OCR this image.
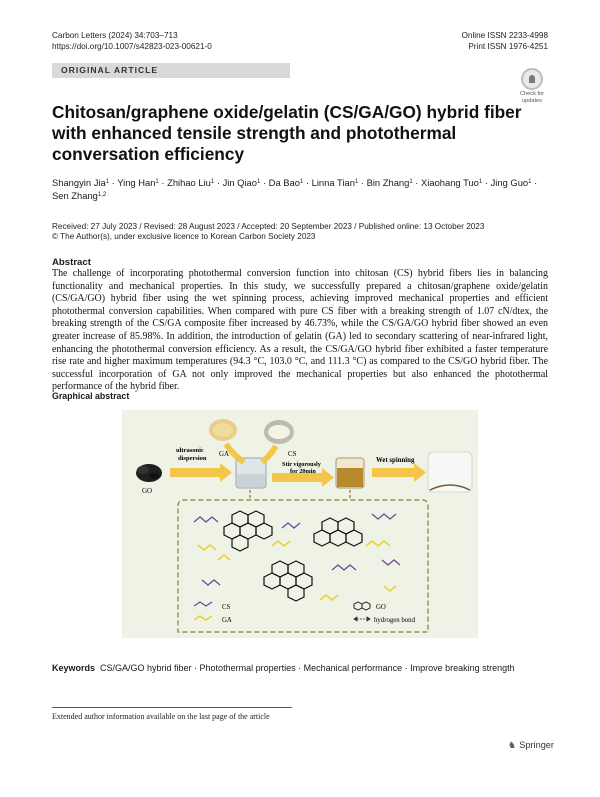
Carbon Letters (2024) 34:703–713
https://doi.org/10.1007/s42823-023-00621-0
Online ISSN 2233-4998
Print ISSN 1976-4251
ORIGINAL ARTICLE
Check for
updates
Chitosan/graphene oxide/gelatin (CS/GA/GO) hybrid fiber with enhanced tensile strength and photothermal conversation efficiency
Shangyin Jia$^1$ · Ying Han$^1$ · Zhihao Liu$^1$ · Jin Qiao$^1$ · Da Bao$^1$ · Linna Tian$^1$ · Bin Zhang$^1$ · Xiaohang Tuo$^1$ · Jing Guo$^1$ ·
Sen Zhang$^{1,2}$
Received: 27 July 2023 / Revised: 28 August 2023 / Accepted: 20 September 2023 / Published online: 13 October 2023
© The Author(s), under exclusive licence to Korean Carbon Society 2023
Abstract

The challenge of incorporating photothermal conversion function into chitosan (CS) hybrid fibers lies in balancing functionality and mechanical properties. In this study, we successfully prepared a chitosan/graphene oxide/gelatin (CS/GA/GO) hybrid fiber using the wet spinning process, achieving improved mechanical properties and efficient photothermal conversion capabilities. When compared with pure CS fiber with a breaking strength of 1.07 cN/dtex, the breaking strength of the CS/GA composite fiber increased by 46.73%, while the CS/GA/GO hybrid fiber showed an even greater increase of 85.98%. In addition, the introduction of gelatin (GA) led to secondary scattering of near-infrared light, enhancing the photothermal conversion efficiency. As a result, the CS/GA/GO hybrid fiber exhibited a faster temperature rise rate and higher maximum temperatures (94.3 °C, 103.0 °C, and 111.3 °C) as compared to the CS/GO hybrid fiber. The successful incorporation of GA not only improved the mechanical properties but also enhanced the photothermal performance of the hybrid fiber.

Graphical abstract
GA	CS
GO
ultrasonic
dispersion
Stir vigorously
for 20min
Wet spinning
CS
GA
GO
hydrogen bond
Keywords CS/GA/GO hybrid fiber · Photothermal properties · Mechanical performance · Improve breaking strength
Extended author information available on the last page of the article
♞ Springer
